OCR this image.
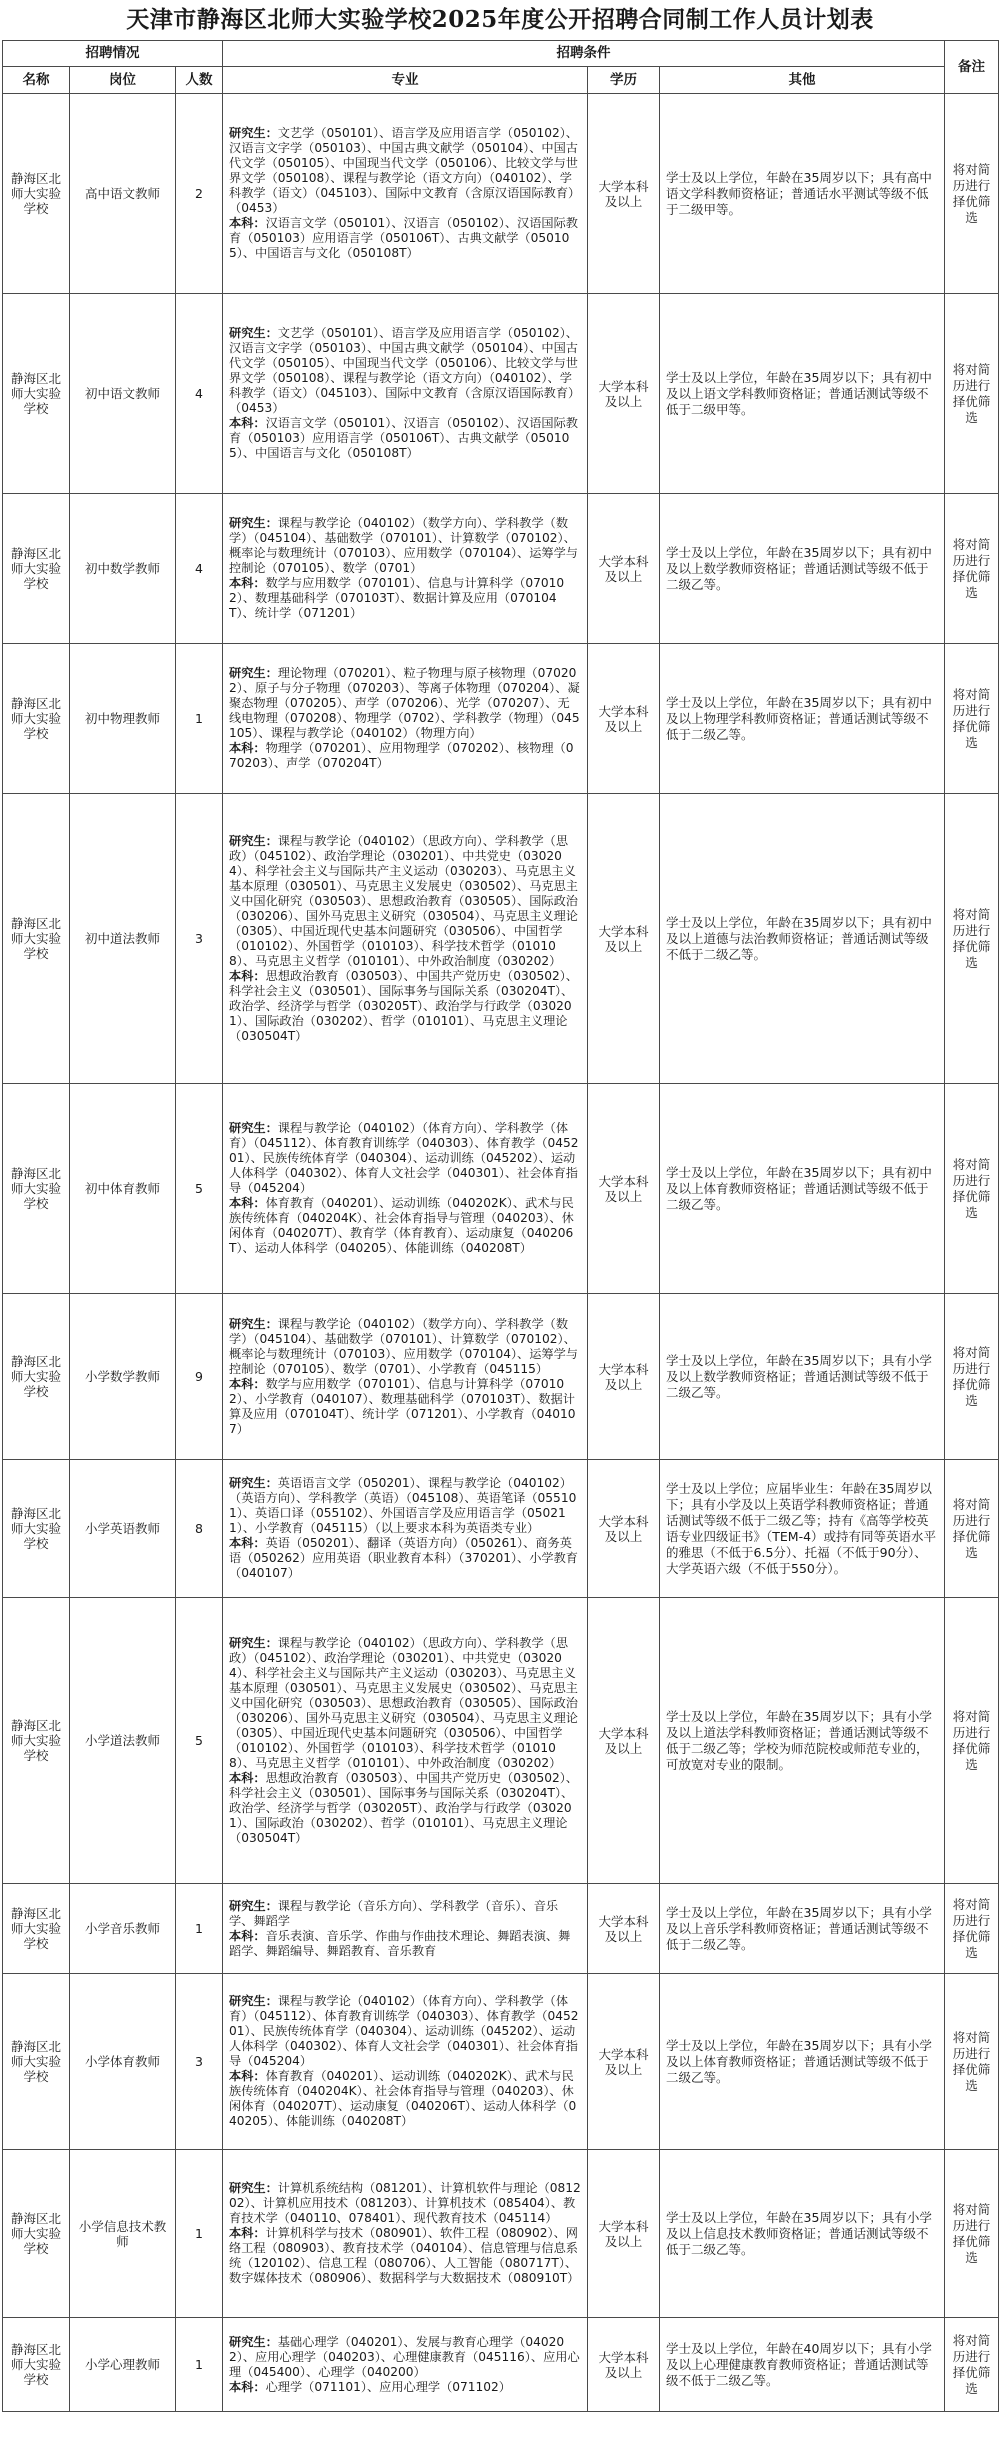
天津市静海区北师大实验学校2025年度公开招聘合同制工作人员计划表
招聘情况			招聘条件			备注
名称	岗位	人数	专业	学历	其他	
静海区北师大实验学校	高中语文教师	2	研究生：文艺学（050101）、语言学及应用语言学（050102）、汉语言文字学（050103）、中国古典文献学（050104）、中国古代文学（050105）、中国现当代文学（050106）、比较文学与世界文学（050108）、课程与教学论（语文方向）（040102）、学科教学（语文）（045103）、国际中文教育（含原汉语国际教育）（0453）
本科：汉语言文学（050101）、汉语言（050102）、汉语国际教育（050103）应用语言学（050106T）、古典文献学（050105）、中国语言与文化（050108T）	大学本科及以上	学士及以上学位，年龄在35周岁以下；具有高中语文学科教师资格证；普通话水平测试等级不低于二级甲等。	将对简历进行择优筛选
静海区北师大实验学校	初中语文教师	4	研究生：文艺学（050101）、语言学及应用语言学（050102）、汉语言文字学（050103）、中国古典文献学（050104）、中国古代文学（050105）、中国现当代文学（050106）、比较文学与世界文学（050108）、课程与教学论（语文方向）（040102）、学科教学（语文）（045103）、国际中文教育（含原汉语国际教育）（0453）
本科：汉语言文学（050101）、汉语言（050102）、汉语国际教育（050103）应用语言学（050106T）、古典文献学（050105）、中国语言与文化（050108T）	大学本科及以上	学士及以上学位，年龄在35周岁以下；具有初中及以上语文学科教师资格证；普通话测试等级不低于二级甲等。	将对简历进行择优筛选
静海区北师大实验学校	初中数学教师	4	研究生：课程与教学论（040102）（数学方向）、学科教学（数学）（045104）、基础数学（070101）、计算数学（070102）、概率论与数理统计（070103）、应用数学（070104）、运筹学与控制论（070105）、数学（0701）
本科：数学与应用数学（070101）、信息与计算科学（070102）、数理基础科学（070103T）、数据计算及应用（070104T）、统计学（071201）	大学本科及以上	学士及以上学位，年龄在35周岁以下；具有初中及以上数学教师资格证；普通话测试等级不低于二级乙等。	将对简历进行择优筛选
静海区北师大实验学校	初中物理教师	1	研究生：理论物理（070201）、粒子物理与原子核物理（070202）、原子与分子物理（070203）、等离子体物理（070204）、凝聚态物理（070205）、声学（070206）、光学（070207）、无线电物理（070208）、物理学（0702）、学科教学（物理）（045105）、课程与教学论（040102）（物理方向）
本科：物理学（070201）、应用物理学（070202）、核物理（070203）、声学（070204T）	大学本科及以上	学士及以上学位，年龄在35周岁以下；具有初中及以上物理学科教师资格证；普通话测试等级不低于二级乙等。	将对简历进行择优筛选
静海区北师大实验学校	初中道法教师	3	研究生：课程与教学论（040102）（思政方向）、学科教学（思政）（045102）、政治学理论（030201）、中共党史（030204）、科学社会主义与国际共产主义运动（030203）、马克思主义基本原理（030501）、马克思主义发展史（030502）、马克思主义中国化研究（030503）、思想政治教育（030505）、国际政治（030206）、国外马克思主义研究（030504）、马克思主义理论（0305）、中国近现代史基本问题研究（030506）、中国哲学（010102）、外国哲学（010103）、科学技术哲学（010108）、马克思主义哲学（010101）、中外政治制度（030202）
本科：思想政治教育（030503）、中国共产党历史（030502）、科学社会主义（030501）、国际事务与国际关系（030204T）、政治学、经济学与哲学（030205T）、政治学与行政学（030201）、国际政治（030202）、哲学（010101）、马克思主义理论（030504T）	大学本科及以上	学士及以上学位，年龄在35周岁以下；具有初中及以上道德与法治教师资格证；普通话测试等级不低于二级乙等。	将对简历进行择优筛选
静海区北师大实验学校	初中体育教师	5	研究生：课程与教学论（040102）（体育方向）、学科教学（体育）（045112）、体育教育训练学（040303）、体育教学（045201）、民族传统体育学（040304）、运动训练（045202）、运动人体科学（040302）、体育人文社会学（040301）、社会体育指导（045204）
本科：体育教育（040201）、运动训练（040202K）、武术与民族传统体育（040204K）、社会体育指导与管理（040203）、休闲体育（040207T）、教育学（体育教育）、运动康复（040206T）、运动人体科学（040205）、体能训练（040208T）	大学本科及以上	学士及以上学位，年龄在35周岁以下；具有初中及以上体育教师资格证；普通话测试等级不低于二级乙等。	将对简历进行择优筛选
静海区北师大实验学校	小学数学教师	9	研究生：课程与教学论（040102）（数学方向）、学科教学（数学）（045104）、基础数学（070101）、计算数学（070102）、概率论与数理统计（070103）、应用数学（070104）、运筹学与控制论（070105）、数学（0701）、小学教育（045115）
本科：数学与应用数学（070101）、信息与计算科学（070102）、小学教育（040107）、数理基础科学（070103T）、数据计算及应用（070104T）、统计学（071201）、小学教育（040107）	大学本科及以上	学士及以上学位，年龄在35周岁以下；具有小学及以上数学教师资格证；普通话测试等级不低于二级乙等。	将对简历进行择优筛选
静海区北师大实验学校	小学英语教师	8	研究生：英语语言文学（050201）、课程与教学论（040102）（英语方向）、学科教学（英语）（045108）、英语笔译（055101）、英语口译（055102）、外国语言学及应用语言学（050211）、小学教育（045115）（以上要求本科为英语类专业）
本科：英语（050201）、翻译（英语方向）（050261）、商务英语（050262）应用英语（职业教育本科）（370201）、小学教育（040107）	大学本科及以上	学士及以上学位；应届毕业生：年龄在35周岁以下；具有小学及以上英语学科教师资格证；普通话测试等级不低于二级乙等；持有《高等学校英语专业四级证书》（TEM-4）或持有同等英语水平的雅思（不低于6.5分）、托福（不低于90分）、大学英语六级（不低于550分）。	将对简历进行择优筛选
静海区北师大实验学校	小学道法教师	5	研究生：课程与教学论（040102）（思政方向）、学科教学（思政）（045102）、政治学理论（030201）、中共党史（030204）、科学社会主义与国际共产主义运动（030203）、马克思主义基本原理（030501）、马克思主义发展史（030502）、马克思主义中国化研究（030503）、思想政治教育（030505）、国际政治（030206）、国外马克思主义研究（030504）、马克思主义理论（0305）、中国近现代史基本问题研究（030506）、中国哲学（010102）、外国哲学（010103）、科学技术哲学（010108）、马克思主义哲学（010101）、中外政治制度（030202）
本科：思想政治教育（030503）、中国共产党历史（030502）、科学社会主义（030501）、国际事务与国际关系（030204T）、政治学、经济学与哲学（030205T）、政治学与行政学（030201）、国际政治（030202）、哲学（010101）、马克思主义理论（030504T）	大学本科及以上	学士及以上学位，年龄在35周岁以下；具有小学及以上道法学科教师资格证；普通话测试等级不低于二级乙等；学校为师范院校或师范专业的，可放宽对专业的限制。	将对简历进行择优筛选
静海区北师大实验学校	小学音乐教师	1	研究生：课程与教学论（音乐方向）、学科教学（音乐）、音乐学、舞蹈学
本科：音乐表演、音乐学、作曲与作曲技术理论、舞蹈表演、舞蹈学、舞蹈编导、舞蹈教育、音乐教育	大学本科及以上	学士及以上学位，年龄在35周岁以下；具有小学及以上音乐学科教师资格证；普通话测试等级不低于二级乙等。	将对简历进行择优筛选
静海区北师大实验学校	小学体育教师	3	研究生：课程与教学论（040102）（体育方向）、学科教学（体育）（045112）、体育教育训练学（040303）、体育教学（045201）、民族传统体育学（040304）、运动训练（045202）、运动人体科学（040302）、体育人文社会学（040301）、社会体育指导（045204）
本科：体育教育（040201）、运动训练（040202K）、武术与民族传统体育（040204K）、社会体育指导与管理（040203）、休闲体育（040207T）、运动康复（040206T）、运动人体科学（040205）、体能训练（040208T）	大学本科及以上	学士及以上学位，年龄在35周岁以下；具有小学及以上体育教师资格证；普通话测试等级不低于二级乙等。	将对简历进行择优筛选
静海区北师大实验学校	小学信息技术教师	1	研究生：计算机系统结构（081201）、计算机软件与理论（081202）、计算机应用技术（081203）、计算机技术（085404）、教育技术学（040110、078401）、现代教育技术（045114）
本科：计算机科学与技术（080901）、软件工程（080902）、网络工程（080903）、教育技术学（040104）、信息管理与信息系统（120102）、信息工程（080706）、人工智能（080717T）、数字媒体技术（080906）、数据科学与大数据技术（080910T）	大学本科及以上	学士及以上学位，年龄在35周岁以下；具有小学及以上信息技术教师资格证；普通话测试等级不低于二级乙等。	将对简历进行择优筛选
静海区北师大实验学校	小学心理教师	1	研究生：基础心理学（040201）、发展与教育心理学（040202）、应用心理学（040203）、心理健康教育（045116）、应用心理（045400）、心理学（040200）
本科：心理学（071101）、应用心理学（071102）	大学本科及以上	学士及以上学位，年龄在40周岁以下；具有小学及以上心理健康教育教师资格证；普通话测试等级不低于二级乙等。	将对简历进行择优筛选
